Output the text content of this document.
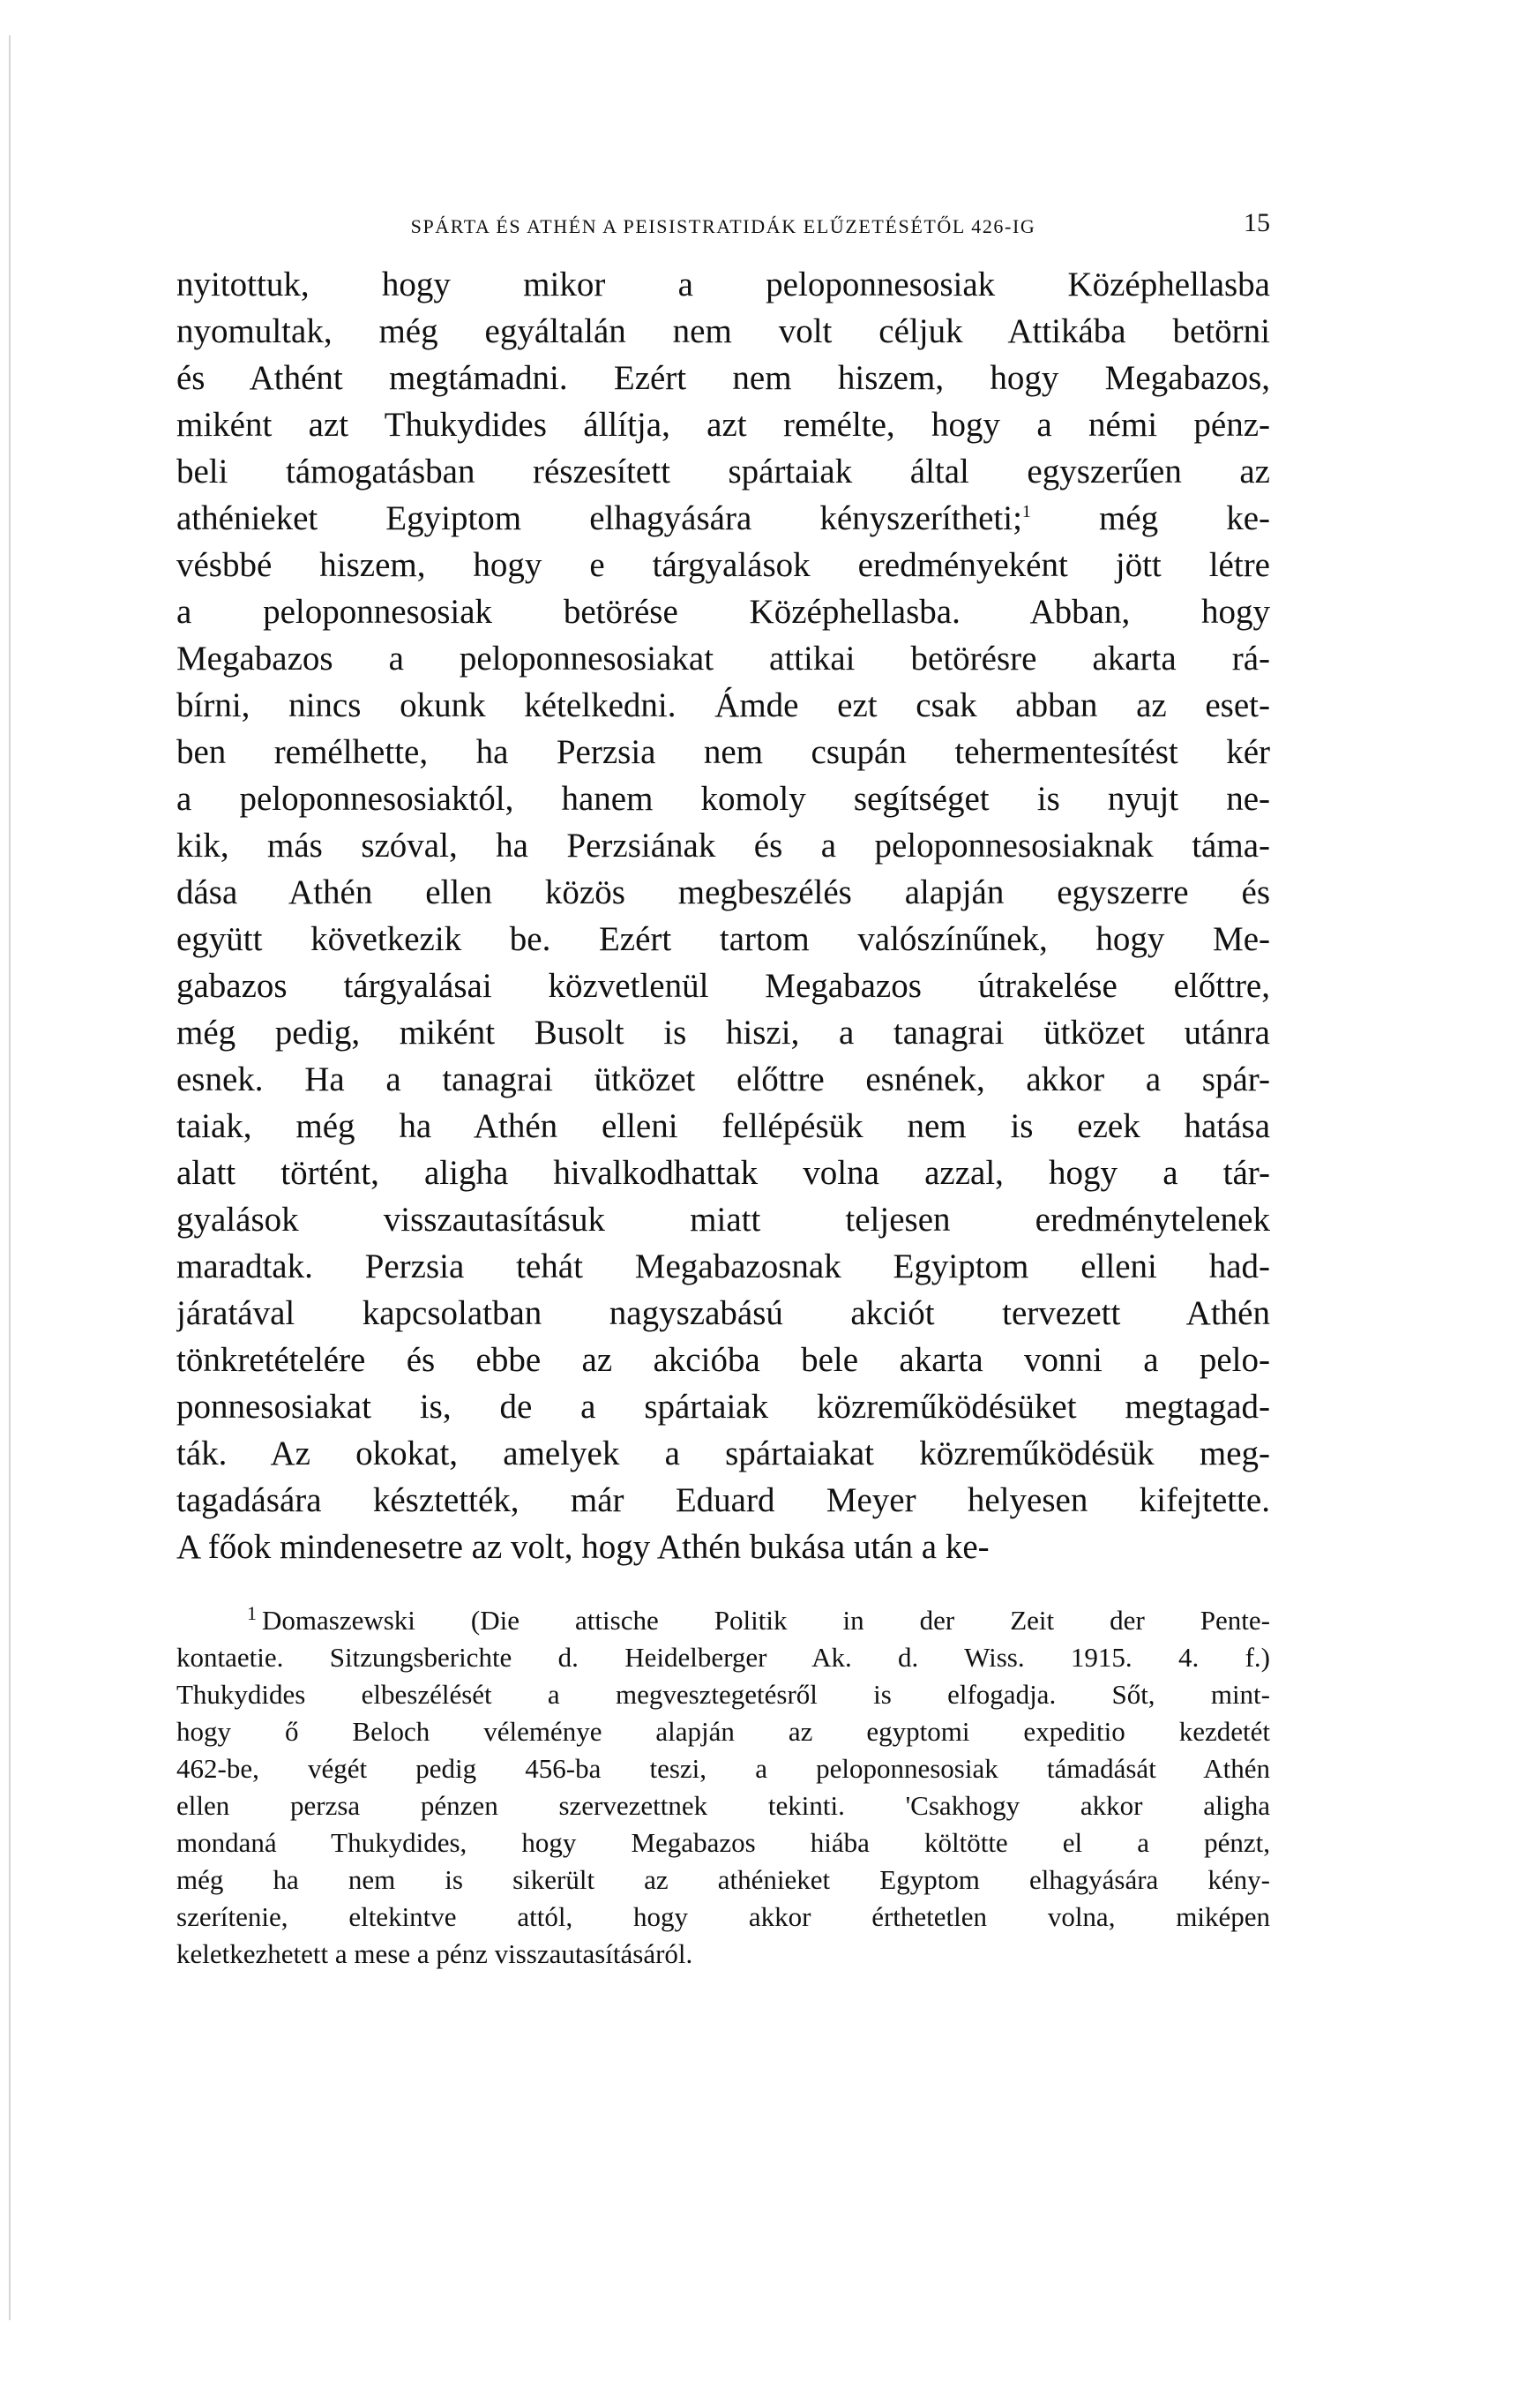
SPÁRTA ÉS ATHÉN A PEISISTRATIDÁK ELŰZETÉSÉTŐL 426-IG	15
nyitottuk, hogy mikor a peloponnesosiak Középhellasba
nyomultak, még egyáltalán nem volt céljuk Attikába betörni
és Athént megtámadni. Ezért nem hiszem, hogy Megabazos,
miként azt Thukydides állítja, azt remélte, hogy a némi pénz-
beli támogatásban részesített spártaiak által egyszerűen az
athénieket Egyiptom elhagyására kényszerítheti;$^1$ még ke-
vésbbé hiszem, hogy e tárgyalások eredményeként jött létre
a peloponnesosiak betörése Középhellasba. Abban, hogy
Megabazos a peloponnesosiakat attikai betörésre akarta rá-
bírni, nincs okunk kételkedni. Ámde ezt csak abban az eset-
ben remélhette, ha Perzsia nem csupán tehermentesítést kér
a peloponnesosiaktól, hanem komoly segítséget is nyujt ne-
kik, más szóval, ha Perzsiának és a peloponnesosiaknak táma-
dása Athén ellen közös megbeszélés alapján egyszerre és
együtt következik be. Ezért tartom valószínűnek, hogy Me-
gabazos tárgyalásai közvetlenül Megabazos útrakelése előttre,
még pedig, miként Busolt is hiszi, a tanagrai ütközet utánra
esnek. Ha a tanagrai ütközet előttre esnének, akkor a spár-
taiak, még ha Athén elleni fellépésük nem is ezek hatása
alatt történt, aligha hivalkodhattak volna azzal, hogy a tár-
gyalások visszautasításuk miatt teljesen eredménytelenek
maradtak. Perzsia tehát Megabazosnak Egyiptom elleni had-
járatával kapcsolatban nagyszabású akciót tervezett Athén
tönkretételére és ebbe az akcióba bele akarta vonni a pelo-
ponnesosiakat is, de a spártaiak közreműködésüket megtagad-
ták. Az okokat, amelyek a spártaiakat közreműködésük meg-
tagadására késztették, már Eduard Meyer helyesen kifejtette.
A főok mindenesetre az volt, hogy Athén bukása után a ke-
$^1$ Domaszewski (Die attische Politik in der Zeit der Pente-
kontaetie. Sitzungsberichte d. Heidelberger Ak. d. Wiss. 1915. 4. f.)
Thukydides elbeszélését a megvesztegetésről is elfogadja. Sőt, mint-
hogy ő Beloch véleménye alapján az egyptomi expeditio kezdetét
462-be, végét pedig 456-ba teszi, a peloponnesosiak támadását Athén
ellen perzsa pénzen szervezettnek tekinti. 'Csakhogy akkor aligha
mondaná Thukydides, hogy Megabazos hiába költötte el a pénzt,
még ha nem is sikerült az athénieket Egyptom elhagyására kény-
szerítenie, eltekintve attól, hogy akkor érthetetlen volna, miképen
keletkezhetett a mese a pénz visszautasításáról.
